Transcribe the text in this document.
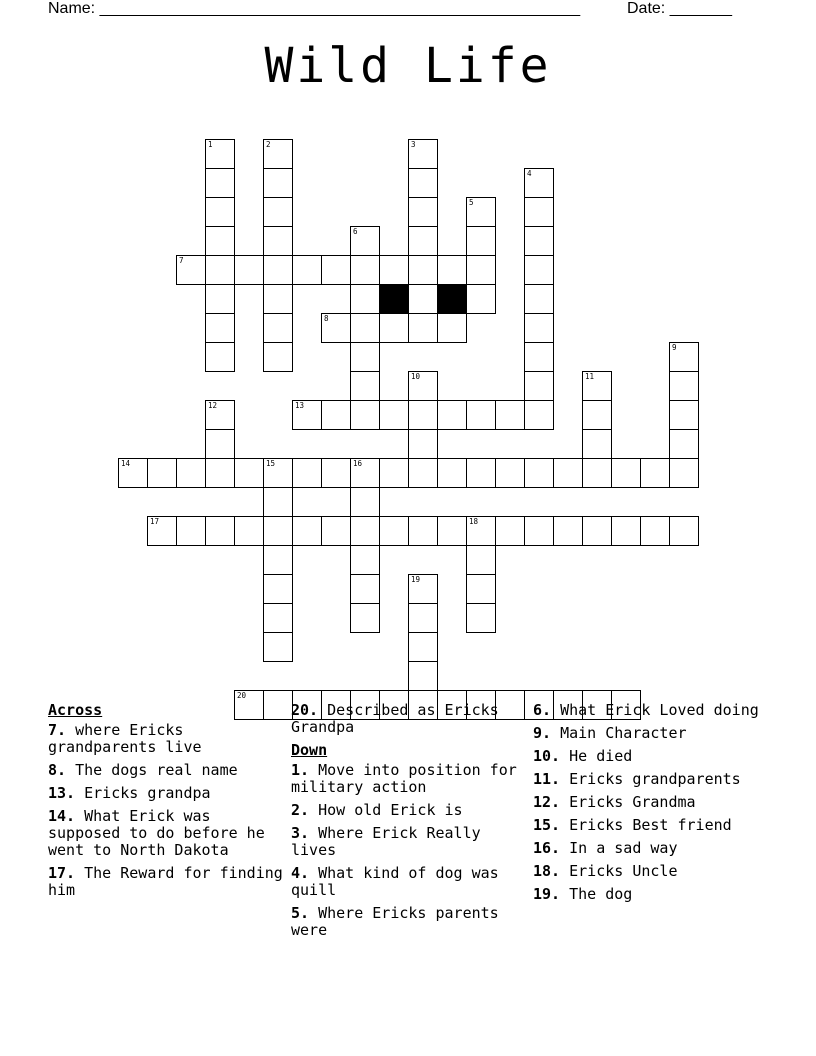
Name: ______________________________________________________	Date: _______
Wild Life
1	2	3
4
5
6
7
8
9
10	11
12	13
14	15	16
17	18
19
20
Across
7. where Ericks grandparents live
8. The dogs real name
13. Ericks grandpa
14. What Erick was supposed to do before he went to North Dakota
17. The Reward for finding him
20. Described as Ericks Grandpa
Down
1. Move into position for military action
2. How old Erick is
3. Where Erick Really lives
4. What kind of dog was quill
5. Where Ericks parents were
6. What Erick Loved doing
9. Main Character
10. He died
11. Ericks grandparents
12. Ericks Grandma
15. Ericks Best friend
16. In a sad way
18. Ericks Uncle
19. The dog
